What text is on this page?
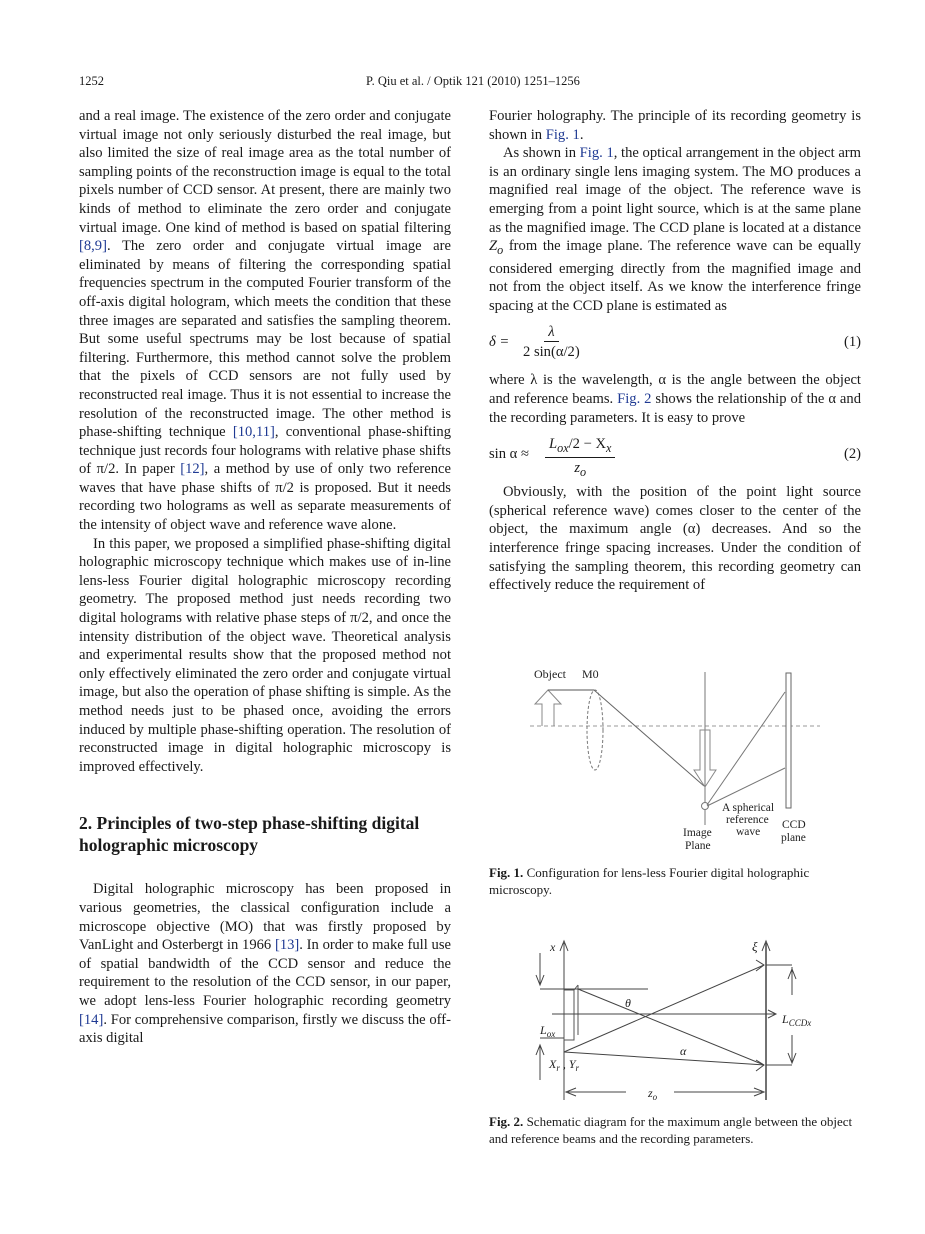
1252	P. Qiu et al. / Optik 121 (2010) 1251–1256

and a real image. The existence of the zero order and conjugate virtual image not only seriously disturbed the real image, but also limited the size of real image area as the total number of sampling points of the reconstruction image is equal to the total pixels number of CCD sensor. At present, there are mainly two kinds of method to eliminate the zero order and conjugate virtual image. One kind of method is based on spatial filtering [8,9]. The zero order and conjugate virtual image are eliminated by means of filtering the corresponding spatial frequencies spectrum in the computed Fourier transform of the off-axis digital hologram, which meets the condition that these three images are separated and satisfies the sampling theorem. But some useful spectrums may be lost because of spatial filtering. Furthermore, this method cannot solve the problem that the pixels of CCD sensors are not fully used by reconstructed real image. Thus it is not essential to increase the resolution of the reconstructed image. The other method is phase-shifting technique [10,11], conventional phase-shifting technique just records four holograms with relative phase shifts of π/2. In paper [12], a method by use of only two reference waves that have phase shifts of π/2 is proposed. But it needs recording two holograms as well as separate measurements of the intensity of object wave and reference wave alone.

In this paper, we proposed a simplified phase-shifting digital holographic microscopy technique which makes use of in-line lens-less Fourier digital holographic microscopy recording geometry. The proposed method just needs recording two digital holograms with relative phase steps of π/2, and once the intensity distribution of the object wave. Theoretical analysis and experimental results show that the proposed method not only effectively eliminated the zero order and conjugate virtual image, but also the operation of phase shifting is simple. As the method needs just to be phased once, avoiding the errors induced by multiple phase-shifting operation. The resolution of reconstructed image in digital holographic microscopy is improved effectively.

2. Principles of two-step phase-shifting digital holographic microscopy

Digital holographic microscopy has been proposed in various geometries, the classical configuration include a microscope objective (MO) that was firstly proposed by VanLight and Osterbergt in 1966 [13]. In order to make full use of spatial bandwidth of the CCD sensor and reduce the requirement to the resolution of the CCD sensor, in our paper, we adopt lens-less Fourier holographic recording geometry [14]. For comprehensive comparison, firstly we discuss the off-axis digital

Fourier holography. The principle of its recording geometry is shown in Fig. 1.

As shown in Fig. 1, the optical arrangement in the object arm is an ordinary single lens imaging system. The MO produces a magnified real image of the object. The reference wave is emerging from a point light source, which is at the same plane as the magnified image. The CCD plane is located at a distance $Z_o$ from the image plane. The reference wave can be equally considered emerging directly from the magnified image and not from the object itself. As we know the interference fringe spacing at the CCD plane is estimated as

$\delta = \frac{\lambda}{2 \sin(\alpha/2)}$	(1)

where λ is the wavelength, α is the angle between the object and reference beams. Fig. 2 shows the relationship of the α and the recording parameters. It is easy to prove

sin α ≈
$L_{ox}/2 - X_x$
$z_o$
(2)

Obviously, with the position of the point light source (spherical reference wave) comes closer to the center of the object, the maximum angle (α) decreases. And so the interference fringe spacing increases. Under the condition of satisfying the sampling theorem, this recording geometry can effectively reduce the requirement of

Object M0
A spherical
reference
wave
Image
Plane
CCD
plane
Fig. 1. Configuration for lens-less Fourier digital holographic microscopy.
x	ξ
θ
$L_{ox}$
$L_{CCDx}$
α
$X_r$ , $Y_r$
$z_o$
Fig. 2. Schematic diagram for the maximum angle between the object and reference beams and the recording parameters.
